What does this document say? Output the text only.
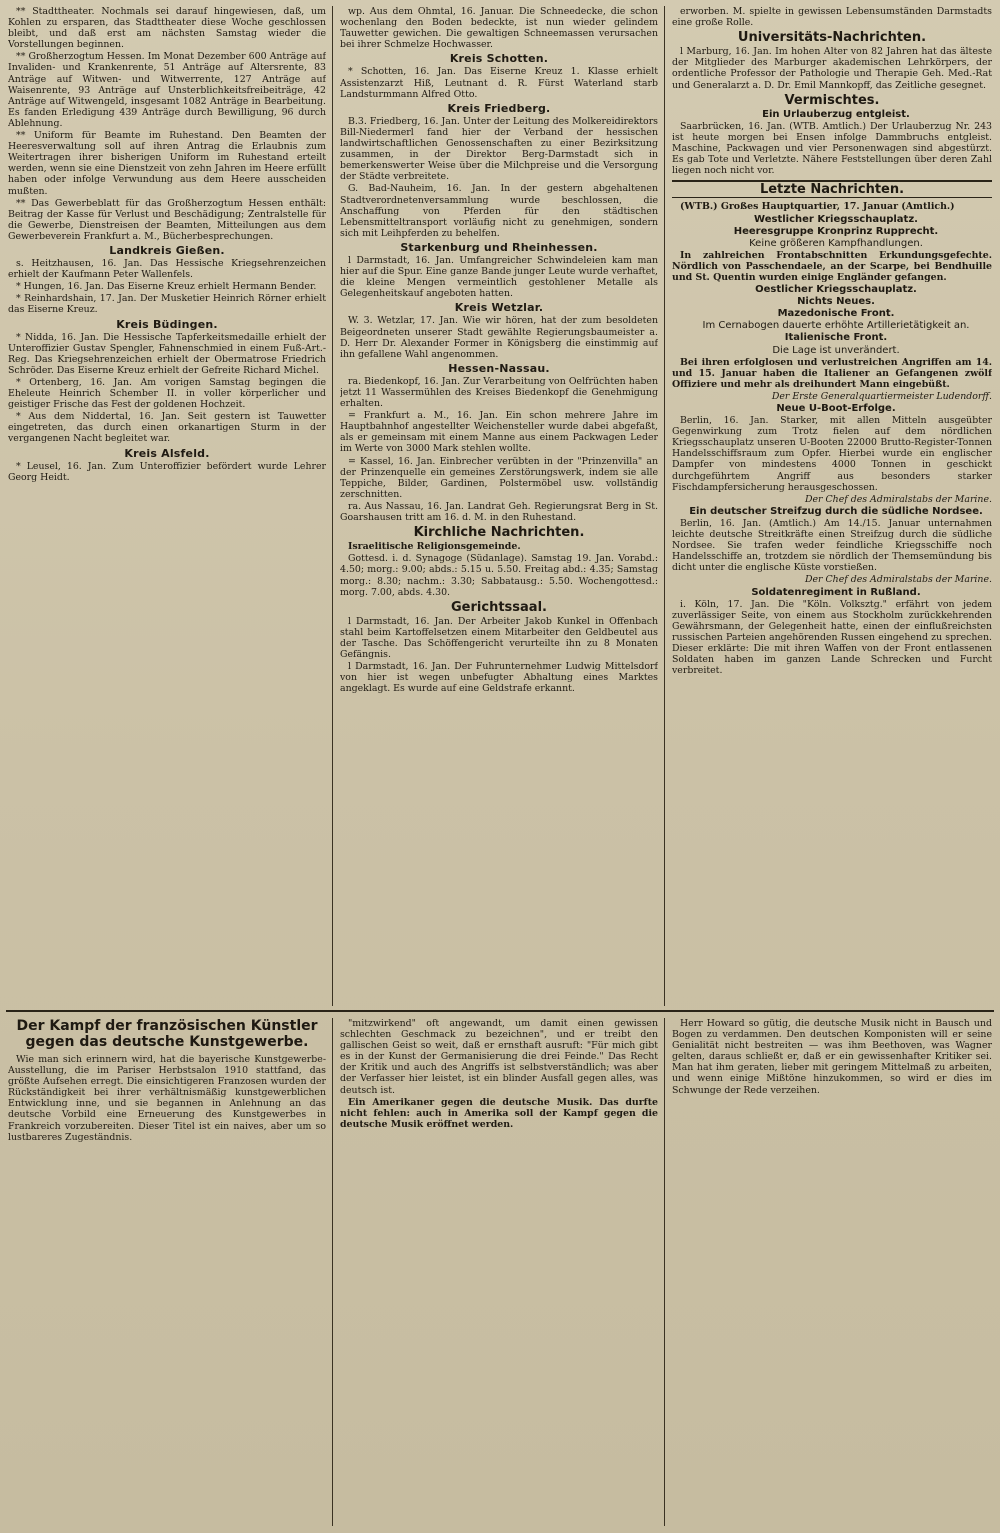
** Stadttheater. Nochmals sei darauf hingewiesen, daß, um Kohlen zu ersparen, das Stadttheater diese Woche geschlossen bleibt, und daß erst am nächsten Samstag wieder die Vorstellungen beginnen.

** Großherzogtum Hessen. Im Monat Dezember 600 Anträge auf Invaliden- und Krankenrente, 51 Anträge auf Altersrente, 83 Anträge auf Witwen- und Witwerrente, 127 Anträge auf Waisenrente, 93 Anträge auf Unsterblichkeitsfreibeiträge, 42 Anträge auf Witwengeld, insgesamt 1082 Anträge in Bearbeitung. Es fanden Erledigung 439 Anträge durch Bewilligung, 96 durch Ablehnung.

** Uniform für Beamte im Ruhestand. Den Beamten der Heeresverwaltung soll auf ihren Antrag die Erlaubnis zum Weitertragen ihrer bisherigen Uniform im Ruhestand erteilt werden, wenn sie eine Dienstzeit von zehn Jahren im Heere erfüllt haben oder infolge Verwundung aus dem Heere ausscheiden mußten.

** Das Gewerbeblatt für das Großherzogtum Hessen enthält: Beitrag der Kasse für Verlust und Beschädigung; Zentralstelle für die Gewerbe, Dienstreisen der Beamten, Mitteilungen aus dem Gewerbeverein Frankfurt a. M., Bücherbesprechungen.

Landkreis Gießen.

s. Heitzhausen, 16. Jan. Das Hessische Kriegsehrenzeichen erhielt der Kaufmann Peter Wallenfels.

* Hungen, 16. Jan. Das Eiserne Kreuz erhielt Hermann Bender.

* Reinhardshain, 17. Jan. Der Musketier Heinrich Rörner erhielt das Eiserne Kreuz.

Kreis Büdingen.

* Nidda, 16. Jan. Die Hessische Tapferkeitsmedaille erhielt der Unteroffizier Gustav Spengler, Fahnenschmied in einem Fuß-Art.-Reg. Das Kriegsehrenzeichen erhielt der Obermatrose Friedrich Schröder. Das Eiserne Kreuz erhielt der Gefreite Richard Michel.

* Ortenberg, 16. Jan. Am vorigen Samstag begingen die Eheleute Heinrich Schember II. in voller körperlicher und geistiger Frische das Fest der goldenen Hochzeit.

* Aus dem Niddertal, 16. Jan. Seit gestern ist Tauwetter eingetreten, das durch einen orkanartigen Sturm in der vergangenen Nacht begleitet war.

Kreis Alsfeld.

* Leusel, 16. Jan. Zum Unteroffizier befördert wurde Lehrer Georg Heidt.

wp. Aus dem Ohmtal, 16. Januar. Die Schneedecke, die schon wochenlang den Boden bedeckte, ist nun wieder gelindem Tauwetter gewichen. Die gewaltigen Schneemassen verursachen bei ihrer Schmelze Hochwasser.

Kreis Schotten.

* Schotten, 16. Jan. Das Eiserne Kreuz 1. Klasse erhielt Assistenzarzt Hiß, Leutnant d. R. Fürst Waterland starb Landsturmmann Alfred Otto.

Kreis Friedberg.

B.3. Friedberg, 16. Jan. Unter der Leitung des Molkereidirektors Bill-Niedermerl fand hier der Verband der hessischen landwirtschaftlichen Genossenschaften zu einer Bezirksitzung zusammen, in der Direktor Berg-Darmstadt sich in bemerkenswerter Weise über die Milchpreise und die Versorgung der Städte verbreitete.

G. Bad-Nauheim, 16. Jan. In der gestern abgehaltenen Stadtverordnetenversammlung wurde beschlossen, die Anschaffung von Pferden für den städtischen Lebensmitteltransport vorläufig nicht zu genehmigen, sondern sich mit Leihpferden zu behelfen.

Starkenburg und Rheinhessen.

l Darmstadt, 16. Jan. Umfangreicher Schwindeleien kam man hier auf die Spur. Eine ganze Bande junger Leute wurde verhaftet, die kleine Mengen vermeintlich gestohlener Metalle als Gelegenheitskauf angeboten hatten.

Kreis Wetzlar.

W. 3. Wetzlar, 17. Jan. Wie wir hören, hat der zum besoldeten Beigeordneten unserer Stadt gewählte Regierungsbaumeister a. D. Herr Dr. Alexander Former in Königsberg die einstimmig auf ihn gefallene Wahl angenommen.

Hessen-Nassau.

ra. Biedenkopf, 16. Jan. Zur Verarbeitung von Oelfrüchten haben jetzt 11 Wassermühlen des Kreises Biedenkopf die Genehmigung erhalten.

= Frankfurt a. M., 16. Jan. Ein schon mehrere Jahre im Hauptbahnhof angestellter Weichensteller wurde dabei abgefaßt, als er gemeinsam mit einem Manne aus einem Packwagen Leder im Werte von 3000 Mark stehlen wollte.

= Kassel, 16. Jan. Einbrecher verübten in der "Prinzenvilla" an der Prinzenquelle ein gemeines Zerstörungswerk, indem sie alle Teppiche, Bilder, Gardinen, Polstermöbel usw. vollständig zerschnitten.

ra. Aus Nassau, 16. Jan. Landrat Geh. Regierungsrat Berg in St. Goarshausen tritt am 16. d. M. in den Ruhestand.

Kirchliche Nachrichten.

Israelitische Religionsgemeinde.

Gottesd. i. d. Synagoge (Südanlage). Samstag 19. Jan. Vorabd.: 4.50; morg.: 9.00; abds.: 5.15 u. 5.50. Freitag abd.: 4.35; Samstag morg.: 8.30; nachm.: 3.30; Sabbatausg.: 5.50. Wochengottesd.: morg. 7.00, abds. 4.30.

Gerichtssaal.

l Darmstadt, 16. Jan. Der Arbeiter Jakob Kunkel in Offenbach stahl beim Kartoffelsetzen einem Mitarbeiter den Geldbeutel aus der Tasche. Das Schöffengericht verurteilte ihn zu 8 Monaten Gefängnis.

l Darmstadt, 16. Jan. Der Fuhrunternehmer Ludwig Mittelsdorf von hier ist wegen unbefugter Abhaltung eines Marktes angeklagt. Es wurde auf eine Geldstrafe erkannt.

erworben. M. spielte in gewissen Lebensumständen Darmstadts eine große Rolle.

Universitäts-Nachrichten.

l Marburg, 16. Jan. Im hohen Alter von 82 Jahren hat das älteste der Mitglieder des Marburger akademischen Lehrkörpers, der ordentliche Professor der Pathologie und Therapie Geh. Med.-Rat und Generalarzt a. D. Dr. Emil Mannkopff, das Zeitliche gesegnet.

Vermischtes.

Ein Urlauberzug entgleist.

Saarbrücken, 16. Jan. (WTB. Amtlich.) Der Urlauberzug Nr. 243 ist heute morgen bei Ensen infolge Dammbruchs entgleist. Maschine, Packwagen und vier Personenwagen sind abgestürzt. Es gab Tote und Verletzte. Nähere Feststellungen über deren Zahl liegen noch nicht vor.

Letzte Nachrichten.

(WTB.) Großes Hauptquartier, 17. Januar (Amtlich.)

Westlicher Kriegsschauplatz.

Heeresgruppe Kronprinz Rupprecht.

Keine größeren Kampfhandlungen.

In zahlreichen Frontabschnitten Erkundungsgefechte. Nördlich von Passchendaele, an der Scarpe, bei Bendhuille und St. Quentin wurden einige Engländer gefangen.

Oestlicher Kriegsschauplatz.

Nichts Neues.

Mazedonische Front.

Im Cernabogen dauerte erhöhte Artillerietätigkeit an.

Italienische Front.

Die Lage ist unverändert.

Bei ihren erfolglosen und verlustreichen Angriffen am 14. und 15. Januar haben die Italiener an Gefangenen zwölf Offiziere und mehr als dreihundert Mann eingebüßt.

Der Erste Generalquartiermeister Ludendorff.

Neue U-Boot-Erfolge.

Berlin, 16. Jan. Starker, mit allen Mitteln ausgeübter Gegenwirkung zum Trotz fielen auf dem nördlichen Kriegsschauplatz unseren U-Booten 22000 Brutto-Register-Tonnen Handelsschiffsraum zum Opfer. Hierbei wurde ein englischer Dampfer von mindestens 4000 Tonnen in geschickt durchgeführtem Angriff aus besonders starker Fischdampfersicherung herausgeschossen.

Der Chef des Admiralstabs der Marine.

Ein deutscher Streifzug durch die südliche Nordsee.

Berlin, 16. Jan. (Amtlich.) Am 14./15. Januar unternahmen leichte deutsche Streitkräfte einen Streifzug durch die südliche Nordsee. Sie trafen weder feindliche Kriegsschiffe noch Handelsschiffe an, trotzdem sie nördlich der Themsemündung bis dicht unter die englische Küste vorstießen.

Der Chef des Admiralstabs der Marine.

Soldatenregiment in Rußland.

i. Köln, 17. Jan. Die "Köln. Volksztg." erfährt von jedem zuverlässiger Seite, von einem aus Stockholm zurückkehrenden Gewährsmann, der Gelegenheit hatte, einen der einflußreichsten russischen Parteien angehörenden Russen eingehend zu sprechen. Dieser erklärte: Die mit ihren Waffen von der Front entlassenen Soldaten haben im ganzen Lande Schrecken und Furcht verbreitet.

Der Kampf der französischen Künstler gegen das deutsche Kunstgewerbe.

Wie man sich erinnern wird, hat die bayerische Kunstgewerbe-Ausstellung, die im Pariser Herbstsalon 1910 stattfand, das größte Aufsehen erregt. Die einsichtigeren Franzosen wurden der Rückständigkeit bei ihrer verhältnismäßig kunstgewerblichen Entwicklung inne, und sie begannen in Anlehnung an das deutsche Vorbild eine Erneuerung des Kunstgewerbes in Frankreich vorzubereiten. Dieser Titel ist ein naives, aber um so lustbareres Zugeständnis.

"mitzwirkend" oft angewandt, um damit einen gewissen schlechten Geschmack zu bezeichnen", und er treibt den gallischen Geist so weit, daß er ernsthaft ausruft: "Für mich gibt es in der Kunst der Germanisierung die drei Feinde." Das Recht der Kritik und auch des Angriffs ist selbstverständlich; was aber der Verfasser hier leistet, ist ein blinder Ausfall gegen alles, was deutsch ist.

Ein Amerikaner gegen die deutsche Musik. Das durfte nicht fehlen: auch in Amerika soll der Kampf gegen die deutsche Musik eröffnet werden.

Herr Howard so gütig, die deutsche Musik nicht in Bausch und Bogen zu verdammen. Den deutschen Komponisten will er seine Genialität nicht bestreiten — was ihm Beethoven, was Wagner gelten, daraus schließt er, daß er ein gewissenhafter Kritiker sei. Man hat ihm geraten, lieber mit geringem Mittelmaß zu arbeiten, und wenn einige Mißtöne hinzukommen, so wird er dies im Schwunge der Rede verzeihen.
